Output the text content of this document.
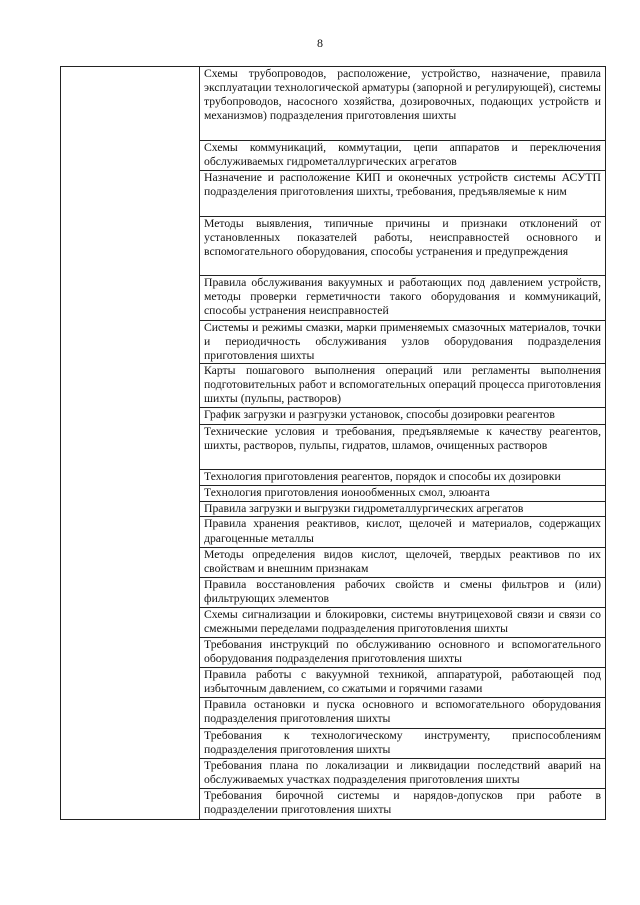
8
Схемы трубопроводов, расположение, устройство, назначение, правила эксплуатации технологической арматуры (запорной и регулирующей), системы трубопроводов, насосного хозяйства, дозировочных, подающих устройств и механизмов) подразделения приготовления шихты
Схемы коммуникаций, коммутации, цепи аппаратов и переключения обслуживаемых гидрометаллургических агрегатов
Назначение и расположение КИП и оконечных устройств системы АСУТП подразделения приготовления шихты, требования, предъявляемые к ним
Методы выявления, типичные причины и признаки отклонений от установленных показателей работы, неисправностей основного и вспомогательного оборудования, способы устранения и предупреждения
Правила обслуживания вакуумных и работающих под давлением устройств, методы проверки герметичности такого оборудования и коммуникаций, способы устранения неисправностей
Системы и режимы смазки, марки применяемых смазочных материалов, точки и периодичность обслуживания узлов оборудования подразделения приготовления шихты
Карты пошагового выполнения операций или регламенты выполнения подготовительных работ и вспомогательных операций процесса приготовления шихты (пульпы, растворов)
График загрузки и разгрузки установок, способы дозировки реагентов
Технические условия и требования, предъявляемые к качеству реагентов, шихты, растворов, пульпы, гидратов, шламов, очищенных растворов
Технология приготовления реагентов, порядок и способы их дозировки
Технология приготовления ионообменных смол, элюанта
Правила загрузки и выгрузки гидрометаллургических агрегатов
Правила хранения реактивов, кислот, щелочей и материалов, содержащих драгоценные металлы
Методы определения видов кислот, щелочей, твердых реактивов по их свойствам и внешним признакам
Правила восстановления рабочих свойств и смены фильтров и (или) фильтрующих элементов
Схемы сигнализации и блокировки, системы внутрицеховой связи и связи со смежными переделами подразделения приготовления шихты
Требования инструкций по обслуживанию основного и вспомогательного оборудования подразделения приготовления шихты
Правила работы с вакуумной техникой, аппаратурой, работающей под избыточным давлением, со сжатыми и горячими газами
Правила остановки и пуска основного и вспомогательного оборудования подразделения приготовления шихты
Требования к технологическому инструменту, приспособлениям подразделения приготовления шихты
Требования плана по локализации и ликвидации последствий аварий на обслуживаемых участках подразделения приготовления шихты
Требования бирочной системы и нарядов-допусков при работе в подразделении приготовления шихты
